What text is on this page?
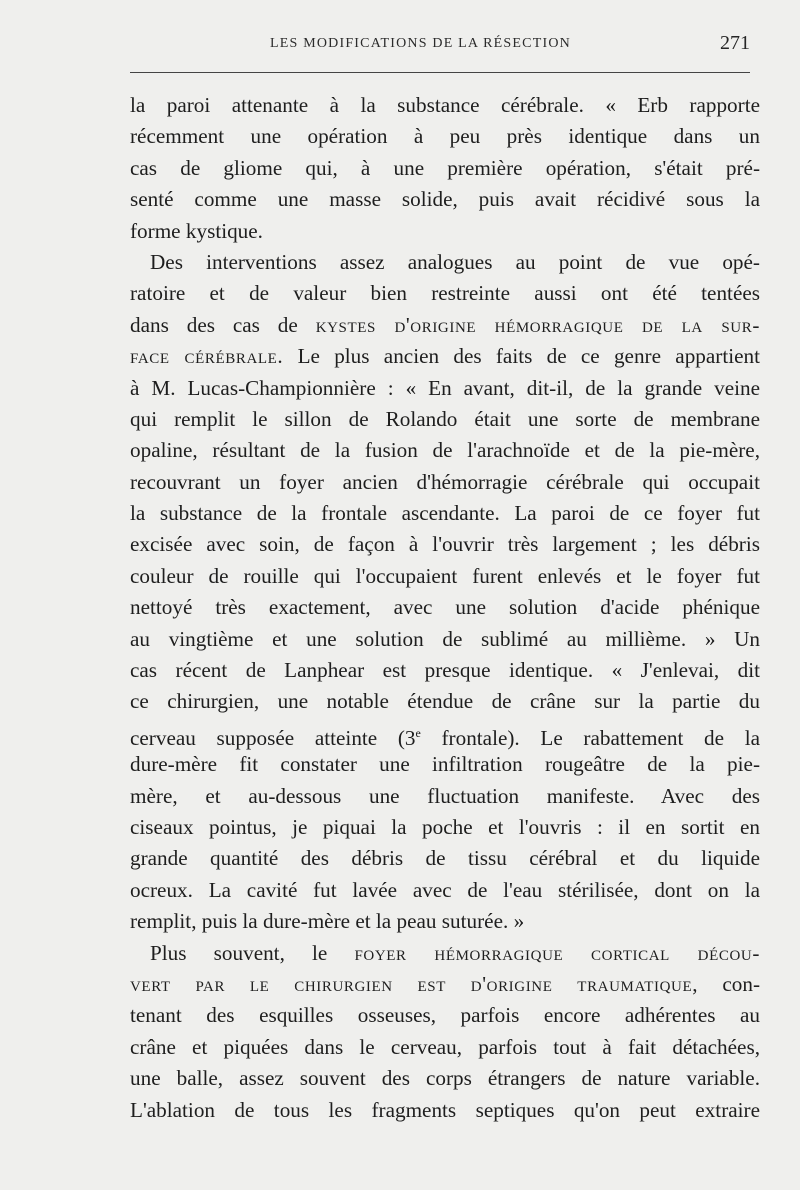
LES MODIFICATIONS DE LA RÉSECTION	271
la paroi attenante à la substance cérébrale. « Erb rapporte
récemment une opération à peu près identique dans un
cas de gliome qui, à une première opération, s'était pré-
senté comme une masse solide, puis avait récidivé sous la
forme kystique.
Des interventions assez analogues au point de vue opé-
ratoire et de valeur bien restreinte aussi ont été tentées
dans des cas de kystes d'origine hémorragique de la sur-
face cérébrale. Le plus ancien des faits de ce genre appartient
à M. Lucas-Championnière : « En avant, dit-il, de la grande veine
qui remplit le sillon de Rolando était une sorte de membrane
opaline, résultant de la fusion de l'arachnoïde et de la pie-mère,
recouvrant un foyer ancien d'hémorragie cérébrale qui occupait
la substance de la frontale ascendante. La paroi de ce foyer fut
excisée avec soin, de façon à l'ouvrir très largement ; les débris
couleur de rouille qui l'occupaient furent enlevés et le foyer fut
nettoyé très exactement, avec une solution d'acide phénique
au vingtième et une solution de sublimé au millième. » Un
cas récent de Lanphear est presque identique. « J'enlevai, dit
ce chirurgien, une notable étendue de crâne sur la partie du
cerveau supposée atteinte (3e frontale). Le rabattement de la
dure-mère fit constater une infiltration rougeâtre de la pie-
mère, et au-dessous une fluctuation manifeste. Avec des
ciseaux pointus, je piquai la poche et l'ouvris : il en sortit en
grande quantité des débris de tissu cérébral et du liquide
ocreux. La cavité fut lavée avec de l'eau stérilisée, dont on la
remplit, puis la dure-mère et la peau suturée. »
Plus souvent, le foyer hémorragique cortical décou-
vert par le chirurgien est d'origine traumatique, con-
tenant des esquilles osseuses, parfois encore adhérentes au
crâne et piquées dans le cerveau, parfois tout à fait détachées,
une balle, assez souvent des corps étrangers de nature variable.
L'ablation de tous les fragments septiques qu'on peut extraire
